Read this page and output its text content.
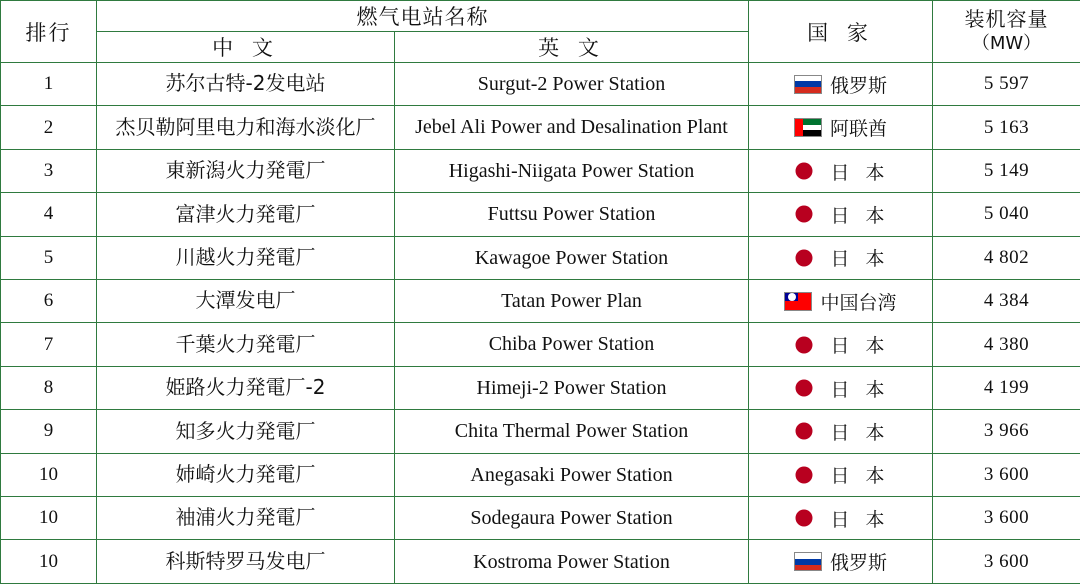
排行	燃气电站名称		国 家	装机容量
（MW）

	中 文	英 文		
1	苏尔古特-2发电站	Surgut-2 Power Station	俄罗斯	5 597
2	杰贝勒阿里电力和海水淡化厂	Jebel Ali Power and Desalination Plant	阿联酋	5 163
3	東新潟火力発電厂	Higashi-Niigata Power Station	日 本	5 149
4	富津火力発電厂	Futtsu Power Station	日 本	5 040
5	川越火力発電厂	Kawagoe Power Station	日 本	4 802
6	大潭发电厂	Tatan Power Plan	中国台湾	4 384
7	千葉火力発電厂	Chiba Power Station	日 本	4 380
8	姫路火力発電厂-2	Himeji-2 Power Station	日 本	4 199
9	知多火力発電厂	Chita Thermal Power Station	日 本	3 966
10	姉崎火力発電厂	Anegasaki Power Station	日 本	3 600
10	袖浦火力発電厂	Sodegaura Power Station	日 本	3 600
10	科斯特罗马发电厂	Kostroma Power Station	俄罗斯	3 600
